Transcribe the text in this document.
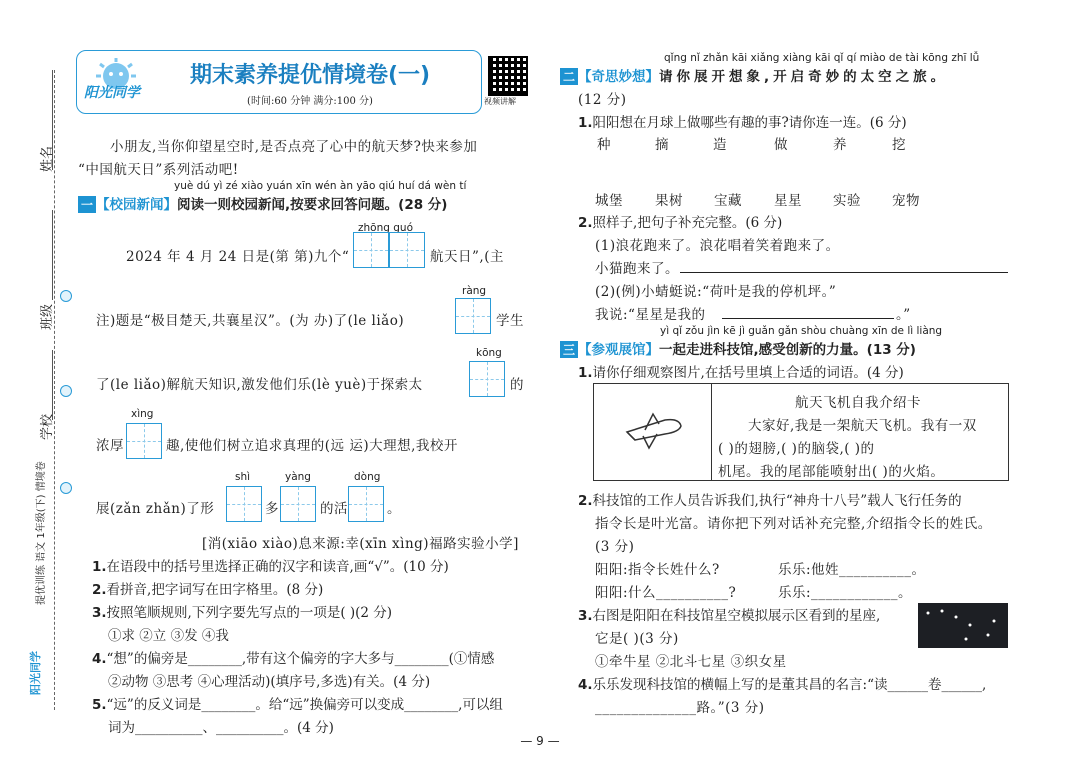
姓名
班级
学校
提优训练 语文 1年级(下) 情境卷
阳光同学
阳光同学
期末素养提优情境卷(一)
(时间:60 分钟 满分:100 分)	视频讲解
小朋友,当你仰望星空时,是否点亮了心中的航天梦?快来参加
“中国航天日”系列活动吧!
yuè dú yì zé xiào yuán xīn wén àn yāo qiú huí dá wèn tí
一 【校园新闻】阅读一则校园新闻,按要求回答问题。(28 分)
zhōng guó
2024 年 4 月 24 日是(第 第)九个“	航天日”,(主
ràng
注)题是“极目楚天,共襄星汉”。(为 办)了(le liǎo)	学生
kōng
了(le liǎo)解航天知识,激发他们乐(lè yuè)于探索太	的
xìng
浓厚	趣,使他们树立追求真理的(远 运)大理想,我校开
shì	yàng	dòng
展(zǎn zhǎn)了形	多	的活	。
[消(xiāo xiào)息来源:幸(xīn xìng)福路实验小学]
1.在语段中的括号里选择正确的汉字和读音,画“√”。(10 分)
2.看拼音,把字词写在田字格里。(8 分)
3.按照笔顺规则,下列字要先写点的一项是( )(2 分)
①求 ②立 ③发 ④我
4.“想”的偏旁是________,带有这个偏旁的字大多与________(①情感
②动物 ③思考 ④心理活动)(填序号,多选)有关。(4 分)
5.“远”的反义词是________。给“远”换偏旁可以变成________,可以组
词为__________、__________。(4 分)
qǐng nǐ zhǎn kāi xiǎng xiàng kāi qǐ qí miào de tài kōng zhī lǚ
二 【奇思妙想】请你展开想象,开启奇妙的太空之旅。
(12 分)
1.阳阳想在月球上做哪些有趣的事?请你连一连。(6 分)
种	摘	造	做	养	挖
城堡 果树 宝藏 星星 实验 宠物
2.照样子,把句子补充完整。(6 分)
(1)浪花跑来了。浪花唱着笑着跑来了。
小猫跑来了。
(2)(例)小蜻蜓说:“荷叶是我的停机坪。”
我说:“星星是我的	。”
yì qǐ zǒu jìn kē jì guǎn gǎn shòu chuàng xīn de lì liàng
三 【参观展馆】一起走进科技馆,感受创新的力量。(13 分)
1.请你仔细观察图片,在括号里填上合适的词语。(4 分)
航天飞机自我介绍卡
大家好,我是一架航天飞机。我有一双
( )的翅膀,( )的脑袋,( )的
机尾。我的尾部能喷射出( )的火焰。
2.科技馆的工作人员告诉我们,执行“神舟十八号”载人飞行任务的
指令长是叶光富。请你把下列对话补充完整,介绍指令长的姓氏。
(3 分)
阳阳:指令长姓什么?	乐乐:他姓__________。
阳阳:什么__________?	乐乐:____________。
3.右图是阳阳在科技馆星空模拟展示区看到的星座,
它是( )(3 分)
①牵牛星 ②北斗七星 ③织女星
4.乐乐发现科技馆的横幅上写的是董其昌的名言:“读______卷______,
______________路。”(3 分)
— 9 —
